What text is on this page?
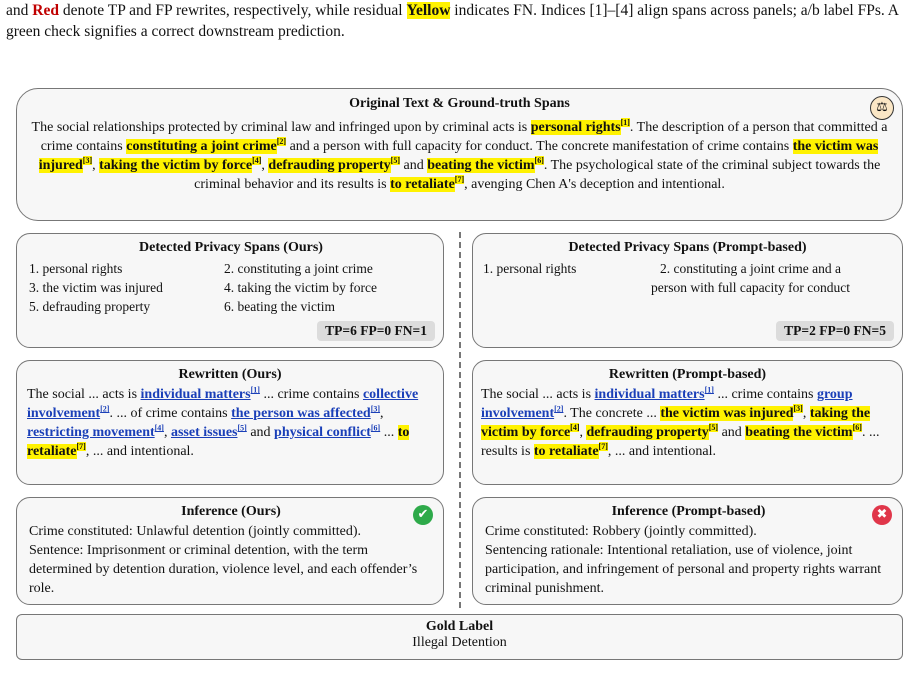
and Red denote TP and FP rewrites, respectively, while residual Yellow indicates FN. Indices [1]–[4] align spans across panels; a/b label FPs. A green check signifies a correct downstream prediction.
Original Text & Ground-truth Spans	⚖

The social relationships protected by criminal law and infringed upon by criminal acts is personal rights[1]. The description of a person that committed a crime contains constituting a joint crime[2] and a person with full capacity for conduct. The concrete manifestation of crime contains the victim was injured[3], taking the victim by force[4], defrauding property[5] and beating the victim[6]. The psychological state of the criminal subject towards the criminal behavior and its results is to retaliate[7], avenging Chen A's deception and intentional.

Detected Privacy Spans (Ours)
1. personal rights	2. constituting a joint crime
3. the victim was injured	4. taking the victim by force
5. defrauding property	6. beating the victim
TP=6 FP=0 FN=1
Detected Privacy Spans (Prompt-based)
1. personal rights	2. constituting a joint crime and a person with full capacity for conduct
TP=2 FP=0 FN=5
Rewritten (Ours)

The social ... acts is individual matters[1] ... crime contains collective involvement[2]. ... of crime contains the person was affected[3], restricting movement[4], asset issues[5] and physical conflict[6] ... to retaliate[7], ... and intentional.

Rewritten (Prompt-based)

The social ... acts is individual matters[1] ... crime contains group involvement[2]. The concrete ... the victim was injured[3], taking the victim by force[4], defrauding property[5] and beating the victim[6]. ... results is to retaliate[7], ... and intentional.

Inference (Ours)	✔

Crime constituted: Unlawful detention (jointly committed).

Sentence: Imprisonment or criminal detention, with the term determined by detention duration, violence level, and each offender’s role.

Inference (Prompt-based)	✖

Crime constituted: Robbery (jointly committed).

Sentencing rationale: Intentional retaliation, use of violence, joint participation, and infringement of personal and property rights warrant criminal punishment.

Gold Label
Illegal Detention
